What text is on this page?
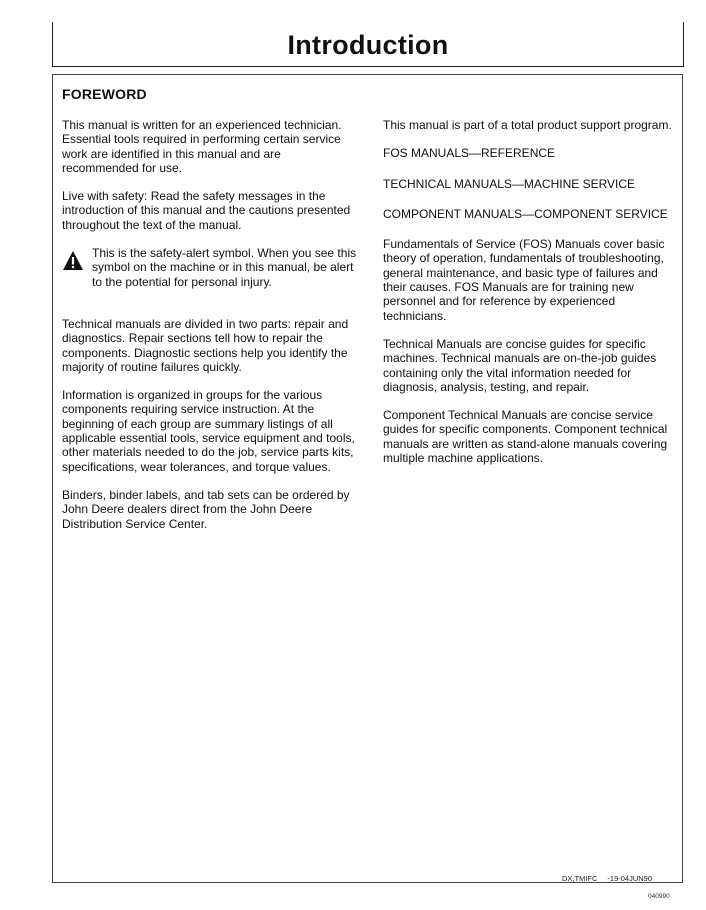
Introduction
FOREWORD

This manual is written for an experienced technician. Essential tools required in performing certain service work are identified in this manual and are recommended for use.

Live with safety: Read the safety messages in the introduction of this manual and the cautions presented throughout the text of the manual.

This is the safety-alert symbol. When you see this symbol on the machine or in this manual, be alert to the potential for personal injury.

Technical manuals are divided in two parts: repair and diagnostics. Repair sections tell how to repair the components. Diagnostic sections help you identify the majority of routine failures quickly.

Information is organized in groups for the various components requiring service instruction. At the beginning of each group are summary listings of all applicable essential tools, service equipment and tools, other materials needed to do the job, service parts kits, specifications, wear tolerances, and torque values.

Binders, binder labels, and tab sets can be ordered by John Deere dealers direct from the John Deere Distribution Service Center.

This manual is part of a total product support program.

FOS MANUALS—REFERENCE

TECHNICAL MANUALS—MACHINE SERVICE

COMPONENT MANUALS—COMPONENT SERVICE

Fundamentals of Service (FOS) Manuals cover basic theory of operation, fundamentals of troubleshooting, general maintenance, and basic type of failures and their causes. FOS Manuals are for training new personnel and for reference by experienced technicians.

Technical Manuals are concise guides for specific machines. Technical manuals are on-the-job guides containing only the vital information needed for diagnosis, analysis, testing, and repair.

Component Technical Manuals are concise service guides for specific components. Component technical manuals are written as stand-alone manuals covering multiple machine applications.

DX,TMIFC -19-04JUN90
040990
